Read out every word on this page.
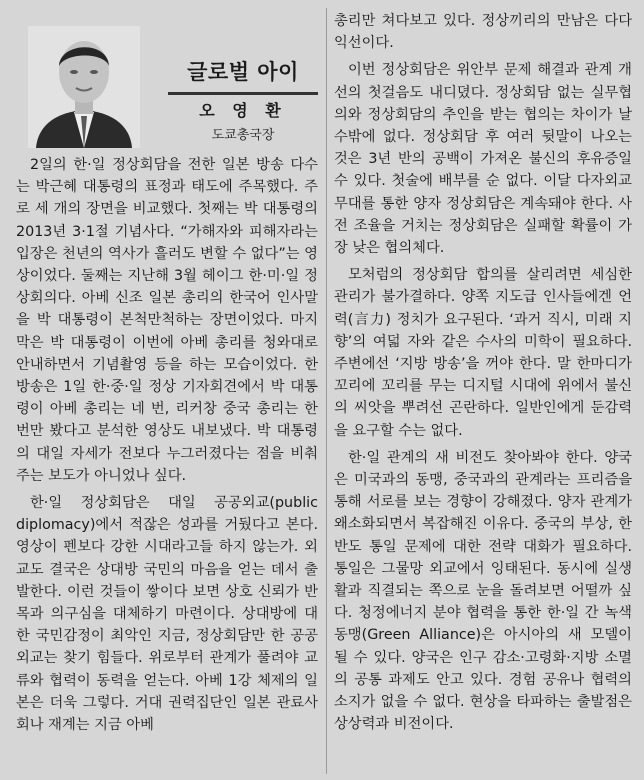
글로벌 아이
오 영 환
도쿄총국장

2일의 한·일 정상회담을 전한 일본 방송 다수는 박근혜 대통령의 표정과 태도에 주목했다. 주로 세 개의 장면을 비교했다. 첫째는 박 대통령의 2013년 3·1절 기념사다. “가해자와 피해자라는 입장은 천년의 역사가 흘러도 변할 수 없다”는 영상이었다. 둘째는 지난해 3월 헤이그 한·미·일 정상회의다. 아베 신조 일본 총리의 한국어 인사말을 박 대통령이 본척만척하는 장면이었다. 마지막은 박 대통령이 이번에 아베 총리를 청와대로 안내하면서 기념촬영 등을 하는 모습이었다. 한 방송은 1일 한·중·일 정상 기자회견에서 박 대통령이 아베 총리는 네 번, 리커창 중국 총리는 한 번만 봤다고 분석한 영상도 내보냈다. 박 대통령의 대일 자세가 전보다 누그러졌다는 점을 비춰주는 보도가 아니었나 싶다.

한·일 정상회담은 대일 공공외교(public diplomacy)에서 적잖은 성과를 거뒀다고 본다. 영상이 펜보다 강한 시대라고들 하지 않는가. 외교도 결국은 상대방 국민의 마음을 얻는 데서 출발한다. 이런 것들이 쌓이다 보면 상호 신뢰가 반목과 의구심을 대체하기 마련이다. 상대방에 대한 국민감정이 최악인 지금, 정상회담만 한 공공외교는 찾기 힘들다. 위로부터 관계가 풀려야 교류와 협력이 동력을 얻는다. 아베 1강 체제의 일본은 더욱 그렇다. 거대 권력집단인 일본 관료사회나 재계는 지금 아베

총리만 쳐다보고 있다. 정상끼리의 만남은 다다익선이다.

이번 정상회담은 위안부 문제 해결과 관계 개선의 첫걸음도 내디뎠다. 정상회담 없는 실무협의와 정상회담의 추인을 받는 협의는 차이가 날 수밖에 없다. 정상회담 후 여러 뒷말이 나오는 것은 3년 반의 공백이 가져온 불신의 후유증일 수 있다. 첫술에 배부를 순 없다. 이달 다자외교 무대를 통한 양자 정상회담은 계속돼야 한다. 사전 조율을 거치는 정상회담은 실패할 확률이 가장 낮은 협의체다.

모처럼의 정상회담 합의를 살리려면 세심한 관리가 불가결하다. 양쪽 지도급 인사들에겐 언력(言力) 정치가 요구된다. ‘과거 직시, 미래 지향’의 여덟 자와 같은 수사의 미학이 필요하다. 주변에선 ‘지방 방송’을 꺼야 한다. 말 한마디가 꼬리에 꼬리를 무는 디지털 시대에 위에서 불신의 씨앗을 뿌려선 곤란하다. 일반인에게 둔감력을 요구할 수는 없다.

한·일 관계의 새 비전도 찾아봐야 한다. 양국은 미국과의 동맹, 중국과의 관계라는 프리즘을 통해 서로를 보는 경향이 강해졌다. 양자 관계가 왜소화되면서 복잡해진 이유다. 중국의 부상, 한반도 통일 문제에 대한 전략 대화가 필요하다. 통일은 그물망 외교에서 잉태된다. 동시에 실생활과 직결되는 쪽으로 눈을 돌려보면 어떨까 싶다. 청정에너지 분야 협력을 통한 한·일 간 녹색동맹(Green Alliance)은 아시아의 새 모델이 될 수 있다. 양국은 인구 감소·고령화·지방 소멸의 공통 과제도 안고 있다. 경험 공유나 협력의 소지가 없을 수 없다. 현상을 타파하는 출발점은 상상력과 비전이다.
